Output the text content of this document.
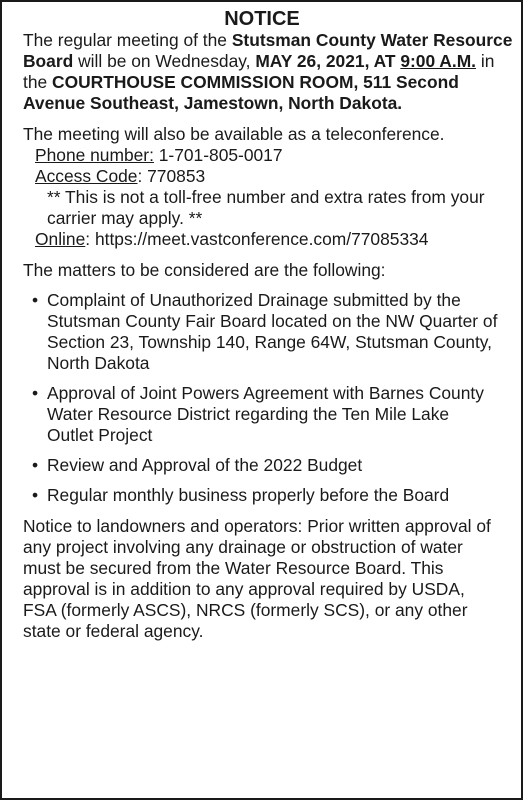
NOTICE

The regular meeting of the Stutsman County Water Resource Board will be on Wednesday, MAY 26, 2021, AT 9:00 A.M. in the COURTHOUSE COMMISSION ROOM, 511 Second Avenue Southeast, Jamestown, North Dakota.

The meeting will also be available as a teleconference.

Phone number: 1-701-805-0017

Access Code: 770853

** This is not a toll-free number and extra rates from your carrier may apply. **

Online: https://meet.vastconference.com/77085334

The matters to be considered are the following:

• Complaint of Unauthorized Drainage submitted by the Stutsman County Fair Board located on the NW Quarter of Section 23, Township 140, Range 64W, Stutsman County, North Dakota
• Approval of Joint Powers Agreement with Barnes County Water Resource District regarding the Ten Mile Lake Outlet Project
• Review and Approval of the 2022 Budget
• Regular monthly business properly before the Board

Notice to landowners and operators: Prior written approval of any project involving any drainage or obstruction of water must be secured from the Water Resource Board. This approval is in addition to any approval required by USDA, FSA (formerly ASCS), NRCS (formerly SCS), or any other state or federal agency.
